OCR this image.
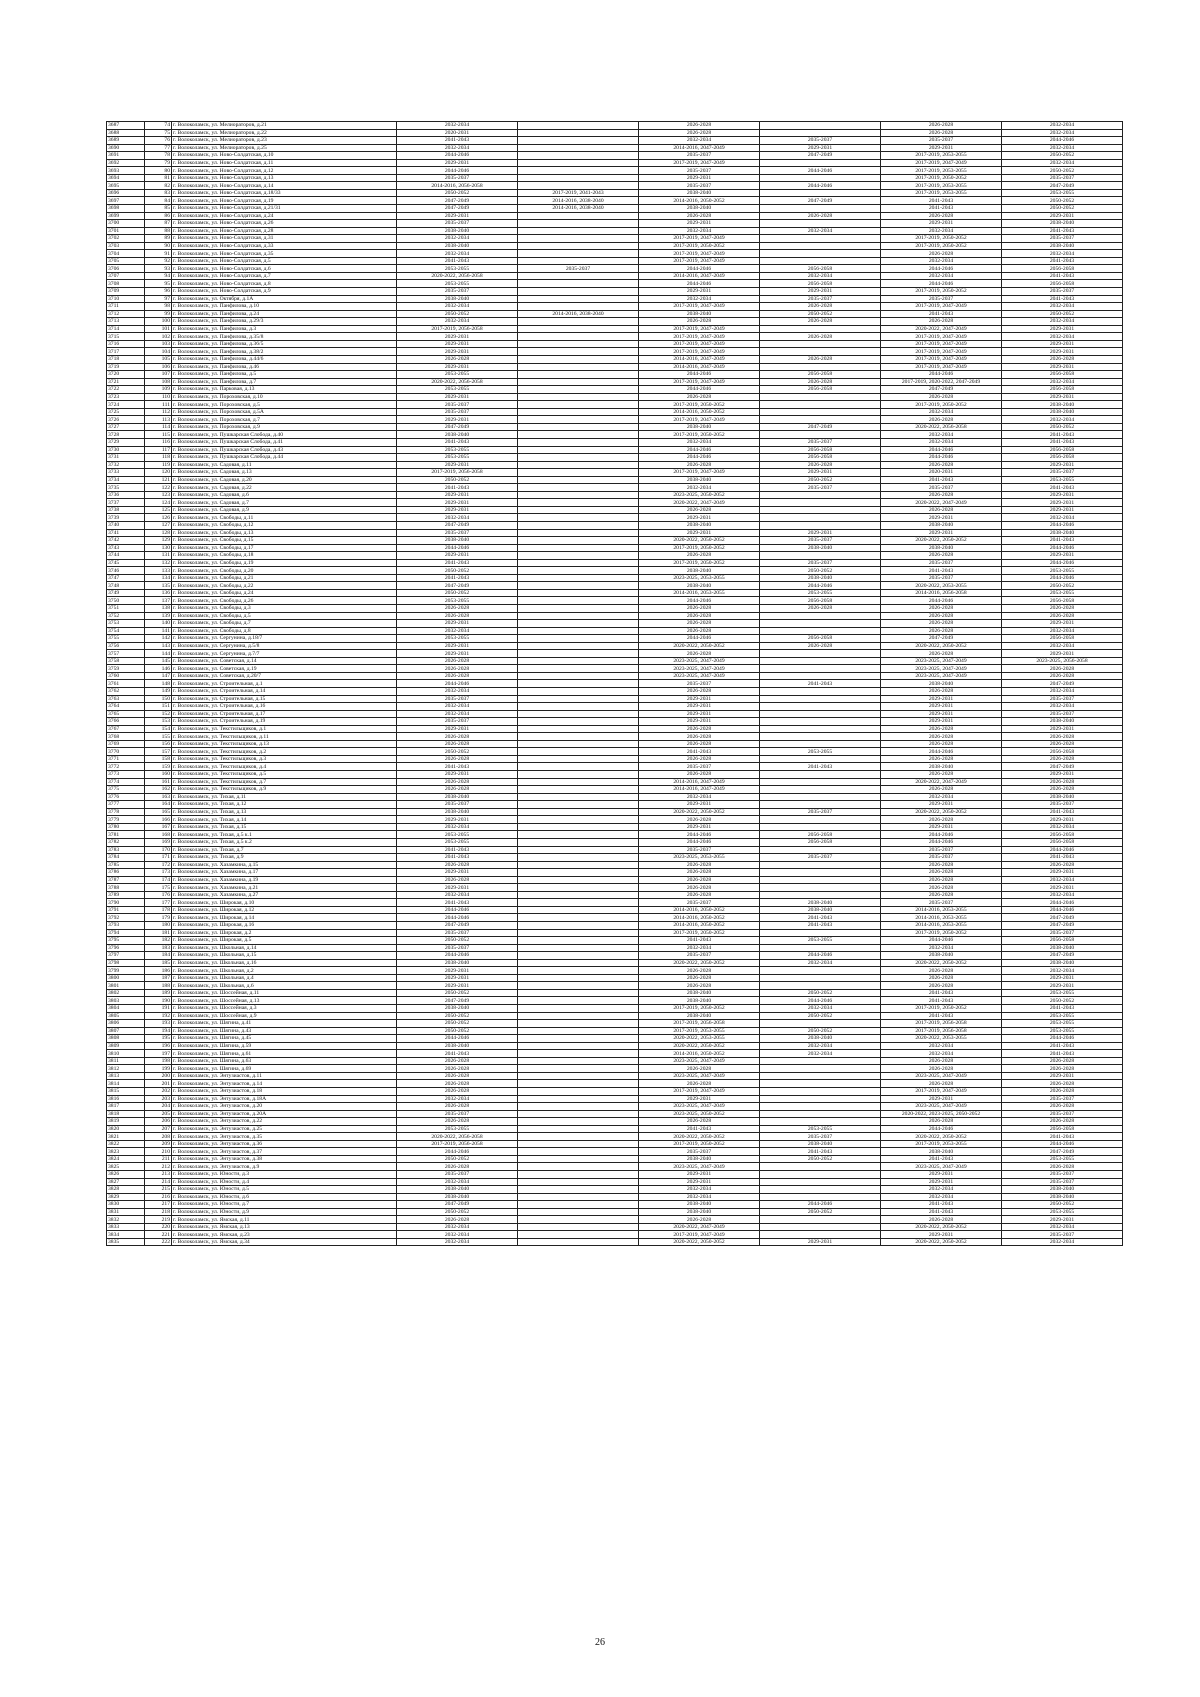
3687	74	г. Волоколамск, ул. Мелиораторов, д.21	2032-2034		2026-2028		2026-2028	2032-2034
3688	75	г. Волоколамск, ул. Мелиораторов, д.22	2020-2031		2026-2028		2026-2028	2032-2034
3689	76	г. Волоколамск, ул. Мелиораторов, д.23	2041-2043		2032-2034	2035-2037	2035-2037	2044-2046
3690	77	г. Волоколамск, ул. Мелиораторов, д.25	2032-2034		2014-2016, 2047-2049	2029-2031	2029-2031	2032-2034
3691	78	г. Волоколамск, ул. Ново-Солдатская, д.10	2044-2046		2035-2037	2047-2049	2017-2019, 2053-2055	2050-2052
3692	79	г. Волоколамск, ул. Ново-Солдатская, д.11	2029-2031		2017-2019, 2047-2049		2017-2019, 2047-2049	2032-2034
3693	80	г. Волоколамск, ул. Ново-Солдатская, д.12	2044-2046		2035-2037	2044-2046	2017-2019, 2053-2055	2050-2052
3694	81	г. Волоколамск, ул. Ново-Солдатская, д.13	2035-2037		2029-2031		2017-2019, 2050-2052	2035-2037
3695	82	г. Волоколамск, ул. Ново-Солдатская, д.14	2014-2016, 2056-2058		2035-2037	2044-2046	2017-2019, 2053-2055	2047-2049
3696	83	г. Волоколамск, ул. Ново-Солдатская, д.18/33	2050-2052	2017-2019, 2041-2043	2038-2040		2017-2019, 2053-2055	2053-2055
3697	84	г. Волоколамск, ул. Ново-Солдатская, д.19	2047-2049	2014-2016, 2038-2040	2014-2016, 2050-2052	2047-2049	2041-2043	2050-2052
3698	85	г. Волоколамск, ул. Ново-Солдатская, д.21/31	2047-2049	2014-2016, 2038-2040	2038-2040		2041-2043	2050-2052
3699	86	г. Волоколамск, ул. Ново-Солдатская, д.24	2029-2031		2026-2028	2026-2028	2026-2028	2029-2031
3700	87	г. Волоколамск, ул. Ново-Солдатская, д.26	2035-2037		2029-2031		2029-2031	2038-2040
3701	88	г. Волоколамск, ул. Ново-Солдатская, д.28	2038-2040		2032-2034	2032-2034	2032-2034	2041-2043
3702	89	г. Волоколамск, ул. Ново-Солдатская, д.31	2032-2034		2017-2019, 2047-2049		2017-2019, 2050-2052	2035-2037
3703	90	г. Волоколамск, ул. Ново-Солдатская, д.33	2038-2040		2017-2019, 2050-2052		2017-2019, 2050-2052	2038-2040
3704	91	г. Волоколамск, ул. Ново-Солдатская, д.35	2032-2034		2017-2019, 2047-2049		2026-2028	2032-2034
3705	92	г. Волоколамск, ул. Ново-Солдатская, д.5	2041-2043		2017-2019, 2047-2049		2032-2034	2041-2043
3706	93	г. Волоколамск, ул. Ново-Солдатская, д.6	2053-2055	2035-2037	2044-2046	2056-2058	2044-2046	2056-2058
3707	94	г. Волоколамск, ул. Ново-Солдатская, д.7	2020-2022, 2056-2058		2014-2016, 2047-2049	2032-2034	2032-2034	2041-2043
3708	95	г. Волоколамск, ул. Ново-Солдатская, д.8	2053-2055		2044-2046	2056-2058	2044-2046	2056-2058
3709	96	г. Волоколамск, ул. Ново-Солдатская, д.9	2035-2037		2029-2031	2029-2031	2017-2019, 2050-2052	2035-2037
3710	97	г. Волоколамск, ул. Октября, д.1А	2038-2040		2032-2034	2035-2037	2035-2037	2041-2043
3711	98	г. Волоколамск, ул. Панфилова, д.10	2032-2034		2017-2019, 2047-2049	2026-2028	2017-2019, 2047-2049	2032-2034
3712	99	г. Волоколамск, ул. Панфилова, д.24	2050-2052	2014-2016, 2038-2040	2038-2040	2050-2052	2041-2043	2050-2052
3713	100	г. Волоколамск, ул. Панфилова, д.29/3	2032-2034		2026-2028	2026-2028	2026-2028	2032-2034
3714	101	г. Волоколамск, ул. Панфилова, д.3	2017-2019, 2056-2058		2017-2019, 2047-2049		2020-2022, 2047-2049	2029-2031
3715	102	г. Волоколамск, ул. Панфилова, д.35/8	2029-2031		2017-2019, 2047-2049	2026-2028	2017-2019, 2047-2049	2032-2034
3716	103	г. Волоколамск, ул. Панфилова, д.36/5	2029-2031		2017-2019, 2047-2049		2017-2019, 2047-2049	2029-2031
3717	104	г. Волоколамск, ул. Панфилова, д.38/2	2029-2031		2017-2019, 2047-2049		2017-2019, 2047-2049	2029-2031
3718	105	г. Волоколамск, ул. Панфилова, д.44/6	2026-2028		2014-2016, 2047-2049	2026-2028	2017-2019, 2047-2049	2026-2028
3719	106	г. Волоколамск, ул. Панфилова, д.46	2029-2031		2014-2016, 2047-2049		2017-2019, 2047-2049	2029-2031
3720	107	г. Волоколамск, ул. Панфилова, д.5	2053-2055		2044-2046	2056-2058	2044-2046	2056-2058
3721	108	г. Волоколамск, ул. Панфилова, д.7	2020-2022, 2056-2058		2017-2019, 2047-2049	2026-2028	2017-2019, 2020-2022, 2047-2049	2032-2034
3722	109	г. Волоколамск, ул. Парковая, д.13	2053-2055		2044-2046	2056-2058	2047-2049	2056-2058
3723	110	г. Волоколамск, ул. Пороховская, д.10	2029-2031		2026-2028		2026-2028	2029-2031
3724	111	г. Волоколамск, ул. Пороховская, д.5	2035-2037		2017-2019, 2050-2052		2017-2019, 2050-2052	2038-2040
3725	112	г. Волоколамск, ул. Пороховская, д.5А	2035-2037		2014-2016, 2050-2052		2032-2034	2038-2040
3726	113	г. Волоколамск, ул. Пороховская, д.7	2029-2031		2017-2019, 2047-2049		2026-2028	2032-2034
3727	114	г. Волоколамск, ул. Пороховская, д.9	2047-2049		2038-2040	2047-2049	2020-2022, 2056-2058	2050-2052
3728	115	г. Волоколамск, ул. Пушкарская Слобода, д.40	2038-2040		2017-2019, 2050-2052		2032-2034	2041-2043
3729	116	г. Волоколамск, ул. Пушкарская Слобода, д.41	2041-2043		2032-2034	2035-2037	2032-2034	2041-2043
3730	117	г. Волоколамск, ул. Пушкарская Слобода, д.43	2053-2055		2044-2046	2056-2058	2044-2046	2056-2058
3731	118	г. Волоколамск, ул. Пушкарская Слобода, д.44	2053-2055		2044-2046	2056-2058	2044-2046	2056-2058
3732	119	г. Волоколамск, ул. Садовая, д.11	2029-2031		2026-2028	2026-2028	2026-2028	2029-2031
3733	120	г. Волоколамск, ул. Садовая, д.13	2017-2019, 2056-2058		2017-2019, 2047-2049	2029-2031	2020-2031	2035-2037
3734	121	г. Волоколамск, ул. Садовая, д.20	2050-2052		2038-2040	2050-2052	2041-2043	2053-2055
3735	122	г. Волоколамск, ул. Садовая, д.22	2041-2043		2032-2034	2035-2037	2035-2037	2041-2043
3736	123	г. Волоколамск, ул. Садовая, д.6	2029-2031		2023-2025, 2050-2052		2026-2028	2029-2031
3737	124	г. Волоколамск, ул. Садовая, д.7	2029-2031		2020-2022, 2047-2049		2020-2022, 2047-2049	2029-2031
3738	125	г. Волоколамск, ул. Садовая, д.9	2029-2031		2026-2028		2026-2028	2029-2031
3739	126	г. Волоколамск, ул. Свободы, д.11	2032-2034		2029-2031		2029-2031	2032-2034
3740	127	г. Волоколамск, ул. Свободы, д.12	2047-2049		2038-2040		2038-2040	2044-2046
3741	128	г. Волоколамск, ул. Свободы, д.13	2035-2037		2029-2031	2029-2031	2029-2031	2038-2040
3742	129	г. Волоколамск, ул. Свободы, д.15	2038-2040		2020-2022, 2050-2052	2035-2037	2020-2022, 2050-2052	2041-2043
3743	130	г. Волоколамск, ул. Свободы, д.17	2044-2046		2017-2019, 2050-2052	2038-2040	2038-2040	2044-2046
3744	131	г. Волоколамск, ул. Свободы, д.18	2029-2031		2026-2028		2026-2028	2029-2031
3745	132	г. Волоколамск, ул. Свободы, д.19	2041-2043		2017-2019, 2050-2052	2035-2037	2035-2037	2044-2046
3746	133	г. Волоколамск, ул. Свободы, д.20	2050-2052		2038-2040	2050-2052	2041-2043	2053-2055
3747	134	г. Волоколамск, ул. Свободы, д.21	2041-2043		2023-2025, 2053-2055	2038-2040	2035-2037	2044-2046
3748	135	г. Волоколамск, ул. Свободы, д.22	2047-2049		2038-2040	2044-2046	2020-2022, 2053-2055	2050-2052
3749	136	г. Волоколамск, ул. Свободы, д.24	2050-2052		2014-2016, 2053-2055	2053-2055	2014-2016, 2056-2058	2053-2055
3750	137	г. Волоколамск, ул. Свободы, д.26	2053-2055		2044-2046	2056-2058	2044-2046	2056-2058
3751	138	г. Волоколамск, ул. Свободы, д.3	2026-2028		2026-2028	2026-2028	2026-2028	2026-2028
3752	139	г. Волоколамск, ул. Свободы, д.5	2026-2028		2026-2028		2026-2028	2026-2028
3753	140	г. Волоколамск, ул. Свободы, д.7	2029-2031		2026-2028		2026-2028	2029-2031
3754	141	г. Волоколамск, ул. Свободы, д.8	2032-2034		2026-2028		2026-2028	2032-2034
3755	142	г. Волоколамск, ул. Сергунина, д.18/7	2053-2055		2044-2046	2056-2058	2047-2049	2056-2058
3756	143	г. Волоколамск, ул. Сергунина, д.5/8	2029-2031		2020-2022, 2050-2052	2026-2028	2020-2022, 2050-2052	2032-2034
3757	144	г. Волоколамск, ул. Сергунина, д.7/7	2029-2031		2026-2028		2026-2028	2029-2031
3758	145	г. Волоколамск, ул. Советская, д.14	2026-2028		2023-2025, 2047-2049		2023-2025, 2047-2049	2023-2025, 2056-2058
3759	146	г. Волоколамск, ул. Советская, д.19	2026-2028		2023-2025, 2047-2049		2023-2025, 2047-2049	2026-2028
3760	147	г. Волоколамск, ул. Советская, д.20/7	2026-2028		2023-2025, 2047-2049		2023-2025, 2047-2049	2026-2028
3761	148	г. Волоколамск, ул. Строительная, д.1	2044-2046		2035-2037	2041-2043	2038-2040	2047-2049
3762	149	г. Волоколамск, ул. Строительная, д.14	2032-2034		2026-2028		2026-2028	2032-2034
3763	150	г. Волоколамск, ул. Строительная, д.15	2035-2037		2029-2031		2029-2031	2035-2037
3764	151	г. Волоколамск, ул. Строительная, д.16	2032-2034		2029-2031		2029-2031	2032-2034
3765	152	г. Волоколамск, ул. Строительная, д.17	2032-2034		2029-2031		2029-2031	2035-2037
3766	153	г. Волоколамск, ул. Строительная, д.19	2035-2037		2029-2031		2029-2031	2038-2040
3767	154	г. Волоколамск, ул. Текстильщиков, д.1	2029-2031		2026-2028		2026-2028	2029-2031
3768	155	г. Волоколамск, ул. Текстильщиков, д.11	2026-2028		2026-2028		2026-2028	2026-2028
3769	156	г. Волоколамск, ул. Текстильщиков, д.13	2026-2028		2026-2028		2026-2028	2026-2028
3770	157	г. Волоколамск, ул. Текстильщиков, д.2	2050-2052		2041-2043	2053-2055	2044-2046	2056-2058
3771	158	г. Волоколамск, ул. Текстильщиков, д.3	2026-2028		2026-2028		2026-2028	2026-2028
3772	159	г. Волоколамск, ул. Текстильщиков, д.4	2041-2043		2035-2037	2041-2043	2038-2040	2047-2049
3773	160	г. Волоколамск, ул. Текстильщиков, д.5	2029-2031		2026-2028		2026-2028	2029-2031
3774	161	г. Волоколамск, ул. Текстильщиков, д.7	2026-2028		2014-2016, 2047-2049		2020-2022, 2047-2049	2026-2028
3775	162	г. Волоколамск, ул. Текстильщиков, д.9	2026-2028		2014-2016, 2047-2049		2026-2028	2026-2028
3776	163	г. Волоколамск, ул. Тихая, д.11	2038-2040		2032-2034		2032-2034	2038-2040
3777	164	г. Волоколамск, ул. Тихая, д.12	2035-2037		2029-2031		2029-2031	2035-2037
3778	165	г. Волоколамск, ул. Тихая, д.13	2038-2040		2020-2022, 2050-2052	2035-2037	2020-2022, 2050-2052	2041-2043
3779	166	г. Волоколамск, ул. Тихая, д.14	2029-2031		2026-2028		2026-2028	2029-2031
3780	167	г. Волоколамск, ул. Тихая, д.15	2032-2034		2029-2031		2029-2031	2032-2034
3781	168	г. Волоколамск, ул. Тихая, д.5 к.1	2053-2055		2044-2046	2056-2058	2044-2046	2056-2058
3782	169	г. Волоколамск, ул. Тихая, д.5 к.2	2053-2055		2044-2046	2056-2058	2044-2046	2056-2058
3783	170	г. Волоколамск, ул. Тихая, д.7	2041-2043		2035-2037		2035-2037	2044-2046
3784	171	г. Волоколамск, ул. Тихая, д.9	2041-2043		2023-2025, 2053-2055	2035-2037	2035-2037	2041-2043
3785	172	г. Волоколамск, ул. Хазамкина, д.15	2026-2028		2026-2028		2026-2028	2026-2028
3786	173	г. Волоколамск, ул. Хазамкина, д.17	2029-2031		2026-2028		2026-2028	2029-2031
3787	174	г. Волоколамск, ул. Хазамкина, д.19	2026-2028		2026-2028		2026-2028	2032-2034
3788	175	г. Волоколамск, ул. Хазамкина, д.21	2029-2031		2026-2028		2026-2028	2029-2031
3789	176	г. Волоколамск, ул. Хазамкина, д.27	2032-2034		2026-2028		2026-2028	2032-2034
3790	177	г. Волоколамск, ул. Широкая, д.10	2041-2043		2035-2037	2038-2040	2035-2037	2044-2046
3791	178	г. Волоколамск, ул. Широкая, д.12	2044-2046		2014-2016, 2050-2052	2038-2040	2014-2016, 2053-2055	2044-2046
3792	179	г. Волоколамск, ул. Широкая, д.14	2044-2046		2014-2016, 2050-2052	2041-2043	2014-2016, 2053-2055	2047-2049
3793	180	г. Волоколамск, ул. Широкая, д.16	2047-2049		2014-2016, 2050-2052	2041-2043	2014-2016, 2053-2055	2047-2049
3794	181	г. Волоколамск, ул. Широкая, д.2	2035-2037		2017-2019, 2050-2052		2017-2019, 2050-2052	2035-2037
3795	182	г. Волоколамск, ул. Широкая, д.5	2050-2052		2041-2043	2053-2055	2044-2046	2056-2058
3796	183	г. Волоколамск, ул. Школьная, д.14	2035-2037		2032-2034		2032-2034	2038-2040
3797	184	г. Волоколамск, ул. Школьная, д.15	2044-2046		2035-2037	2044-2046	2038-2040	2047-2049
3798	185	г. Волоколамск, ул. Школьная, д.16	2038-2040		2020-2022, 2050-2052	2032-2034	2020-2022, 2050-2052	2038-2040
3799	186	г. Волоколамск, ул. Школьная, д.2	2029-2031		2026-2028		2026-2028	2032-2034
3800	187	г. Волоколамск, ул. Школьная, д.4	2029-2031		2026-2028		2026-2028	2029-2031
3801	188	г. Волоколамск, ул. Школьная, д.6	2029-2031		2026-2028		2026-2028	2029-2031
3802	189	г. Волоколамск, ул. Шоссейная, д.11	2050-2052		2038-2040	2050-2052	2041-2043	2053-2055
3803	190	г. Волоколамск, ул. Шоссейная, д.13	2047-2049		2038-2040	2044-2046	2041-2043	2050-2052
3804	191	г. Волоколамск, ул. Шоссейная, д.3	2038-2040		2017-2019, 2050-2052	2032-2034	2017-2019, 2050-2052	2041-2043
3805	192	г. Волоколамск, ул. Шоссейная, д.9	2050-2052		2038-2040	2050-2052	2041-2043	2053-2055
3806	193	г. Волоколамск, ул. Шягина, д.41	2050-2052		2017-2019, 2056-2058		2017-2019, 2056-2058	2053-2055
3807	194	г. Волоколамск, ул. Шягина, д.43	2050-2052		2017-2019, 2053-2055	2050-2052	2017-2019, 2056-2058	2053-2055
3808	195	г. Волоколамск, ул. Шягина, д.45	2044-2046		2020-2022, 2053-2055	2038-2040	2020-2022, 2053-2055	2044-2046
3809	196	г. Волоколамск, ул. Шягина, д.59	2038-2040		2020-2022, 2050-2052	2032-2034	2032-2034	2041-2043
3810	197	г. Волоколамск, ул. Шягина, д.61	2041-2043		2014-2016, 2050-2052	2032-2034	2032-2034	2041-2043
3811	198	г. Волоколамск, ул. Шягина, д.63	2026-2028		2023-2025, 2047-2049		2026-2028	2026-2028
3812	199	г. Волоколамск, ул. Шягина, д.69	2026-2028		2026-2028		2026-2028	2026-2028
3813	200	г. Волоколамск, ул. Энтузиастов, д.11	2026-2028		2023-2025, 2047-2049		2023-2025, 2047-2049	2029-2031
3814	201	г. Волоколамск, ул. Энтузиастов, д.14	2026-2028		2026-2028		2026-2028	2026-2028
3815	202	г. Волоколамск, ул. Энтузиастов, д.18	2026-2028		2017-2019, 2047-2049		2017-2019, 2047-2049	2026-2028
3816	203	г. Волоколамск, ул. Энтузиастов, д.18А	2032-2034		2029-2031		2029-2031	2035-2037
3817	204	г. Волоколамск, ул. Энтузиастов, д.20	2026-2028		2023-2025, 2047-2049		2023-2025, 2047-2049	2026-2028
3818	205	г. Волоколамск, ул. Энтузиастов, д.20А	2035-2037		2023-2025, 2050-2052		2020-2022, 2023-2025, 2050-2052	2035-2037
3819	206	г. Волоколамск, ул. Энтузиастов, д.22	2026-2028		2026-2028		2026-2028	2026-2028
3820	207	г. Волоколамск, ул. Энтузиастов, д.25	2053-2055		2041-2043	2053-2055	2044-2046	2056-2058
3821	208	г. Волоколамск, ул. Энтузиастов, д.35	2020-2022, 2056-2058		2020-2022, 2050-2052	2035-2037	2020-2022, 2050-2052	2041-2043
3822	209	г. Волоколамск, ул. Энтузиастов, д.36	2017-2019, 2056-2058		2017-2019, 2050-2052	2038-2040	2017-2019, 2053-2055	2044-2046
3823	210	г. Волоколамск, ул. Энтузиастов, д.37	2044-2046		2035-2037	2041-2043	2038-2040	2047-2049
3824	211	г. Волоколамск, ул. Энтузиастов, д.38	2050-2052		2038-2040	2050-2052	2041-2043	2053-2055
3825	212	г. Волоколамск, ул. Энтузиастов, д.9	2026-2028		2023-2025, 2047-2049		2023-2025, 2047-2049	2026-2028
3826	213	г. Волоколамск, ул. Юности, д.3	2035-2037		2029-2031		2029-2031	2035-2037
3827	214	г. Волоколамск, ул. Юности, д.4	2032-2034		2029-2031		2029-2031	2035-2037
3828	215	г. Волоколамск, ул. Юности, д.5	2038-2040		2032-2034		2032-2034	2038-2040
3829	216	г. Волоколамск, ул. Юности, д.6	2038-2040		2032-2034		2032-2034	2038-2040
3830	217	г. Волоколамск, ул. Юности, д.7	2047-2049		2038-2040	2044-2046	2041-2043	2050-2052
3831	218	г. Волоколамск, ул. Юности, д.9	2050-2052		2038-2040	2050-2052	2041-2043	2053-2055
3832	219	г. Волоколамск, ул. Ямская, д.11	2026-2028		2026-2028		2026-2028	2029-2031
3833	220	г. Волоколамск, ул. Ямская, д.13	2032-2034		2020-2022, 2047-2049		2020-2022, 2050-2052	2032-2034
3834	221	г. Волоколамск, ул. Ямская, д.23	2032-2034		2017-2019, 2047-2049		2029-2031	2035-2037
3835	222	г. Волоколамск, ул. Ямская, д.34	2032-2034		2020-2022, 2050-2052	2029-2031	2020-2022, 2050-2052	2032-2034
26
